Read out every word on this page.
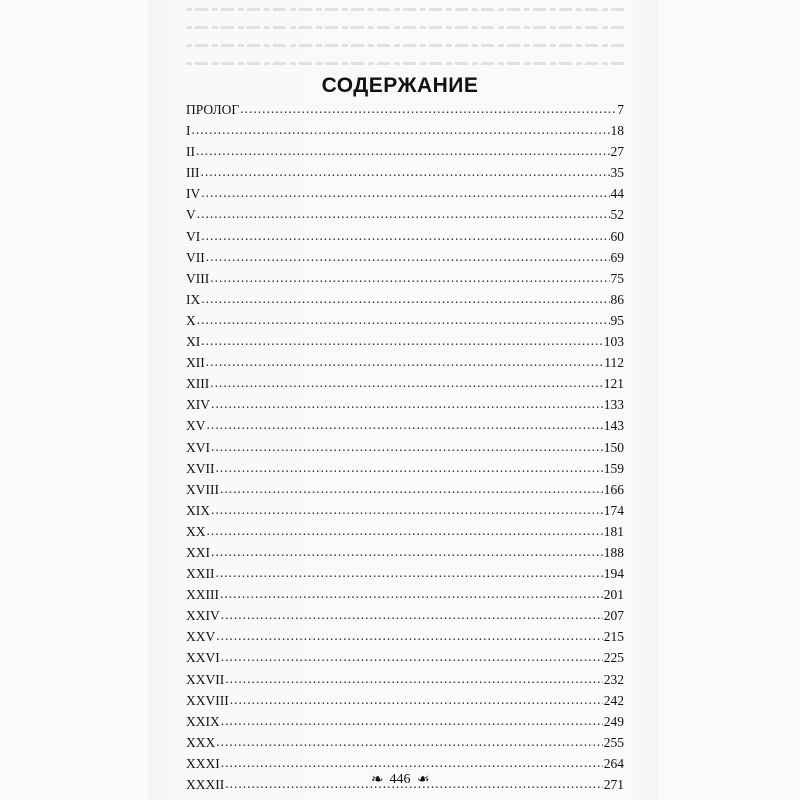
СОДЕРЖАНИЕ
ПРОЛОГ .....	7
I .....	18
II .....	27
III .....	35
IV .....	44
V .....	52
VI .....	60
VII .....	69
VIII .....	75
IX .....	86
X .....	95
XI .....	103
XII .....	112
XIII .....	121
XIV .....	133
XV .....	143
XVI .....	150
XVII .....	159
XVIII .....	166
XIX .....	174
XX .....	181
XXI .....	188
XXII .....	194
XXIII .....	201
XXIV .....	207
XXV .....	215
XXVI .....	225
XXVII .....	232
XXVIII .....	242
XXIX .....	249
XXX .....	255
XXXI .....	264
XXXII .....	271
❧ 446 ❧
